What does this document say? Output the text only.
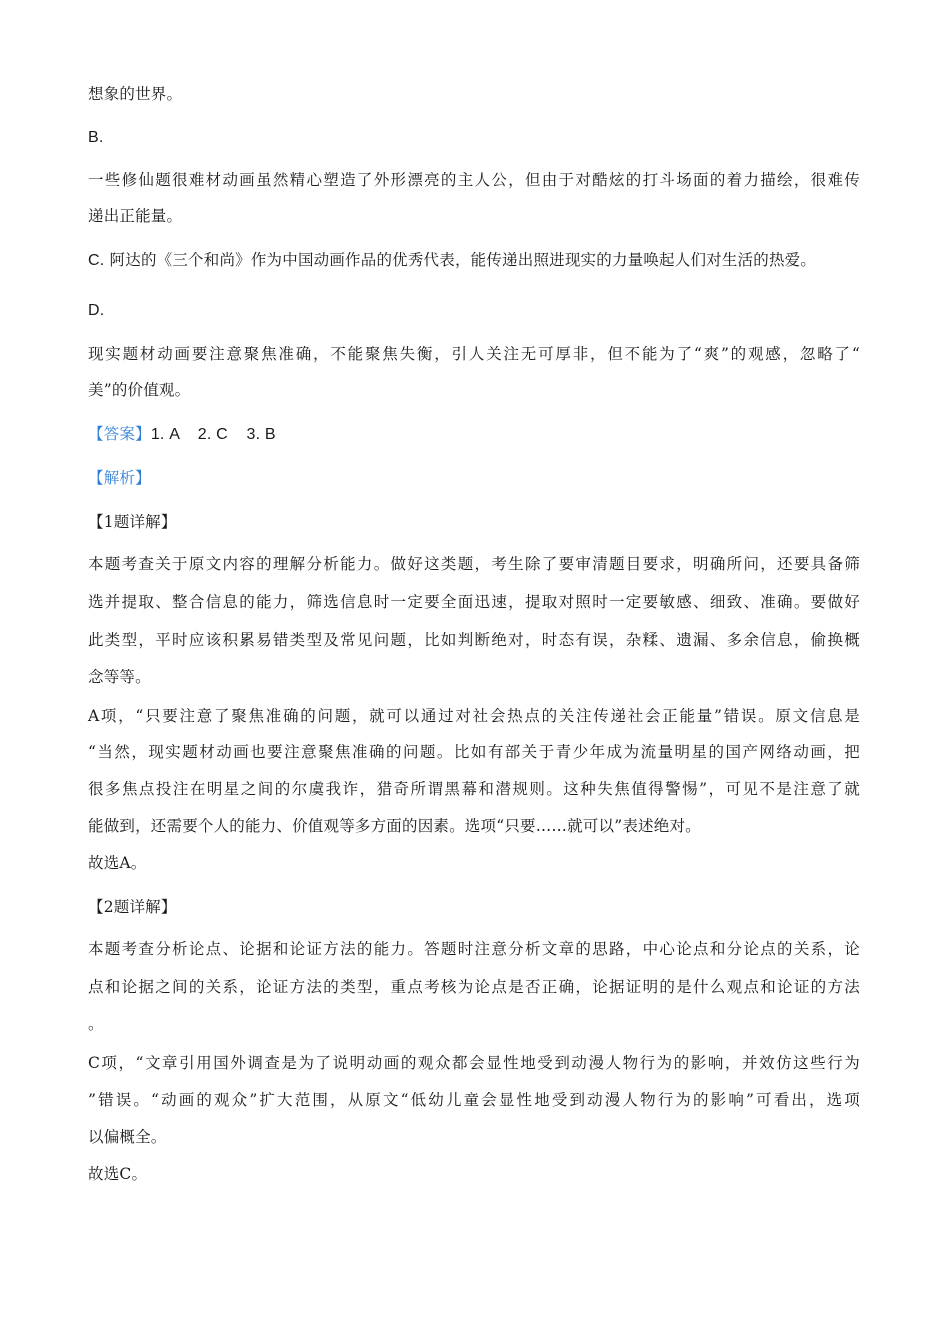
想象的世界。
B.
一些修仙题很难材动画虽然精心塑造了外形漂亮的主人公，但由于对酷炫的打斗场面的着力描绘，很难传
递出正能量。
C. 阿达的《三个和尚》作为中国动画作品的优秀代表，能传递出照进现实的力量唤起人们对生活的热爱。
D.
现实题材动画要注意聚焦准确，不能聚焦失衡，引人关注无可厚非，但不能为了“爽”的观感，忽略了“
美”的价值观。
【答案】1. A    2. C    3. B
【解析】
【1题详解】
本题考查关于原文内容的理解分析能力。做好这类题，考生除了要审清题目要求，明确所问，还要具备筛
选并提取、整合信息的能力，筛选信息时一定要全面迅速，提取对照时一定要敏感、细致、准确。要做好
此类型，平时应该积累易错类型及常见问题，比如判断绝对，时态有误，杂糅、遗漏、多余信息，偷换概
念等等。
A项，“只要注意了聚焦准确的问题，就可以通过对社会热点的关注传递社会正能量”错误。原文信息是
“当然，现实题材动画也要注意聚焦准确的问题。比如有部关于青少年成为流量明星的国产网络动画，把
很多焦点投注在明星之间的尔虞我诈，猎奇所谓黑幕和潜规则。这种失焦值得警惕”，可见不是注意了就
能做到，还需要个人的能力、价值观等多方面的因素。选项“只要……就可以”表述绝对。
故选A。
【2题详解】
本题考查分析论点、论据和论证方法的能力。答题时注意分析文章的思路，中心论点和分论点的关系，论
点和论据之间的关系，论证方法的类型，重点考核为论点是否正确，论据证明的是什么观点和论证的方法
。
C项，“文章引用国外调查是为了说明动画的观众都会显性地受到动漫人物行为的影响，并效仿这些行为
”错误。“动画的观众”扩大范围，从原文“低幼儿童会显性地受到动漫人物行为的影响”可看出，选项
以偏概全。
故选C。
